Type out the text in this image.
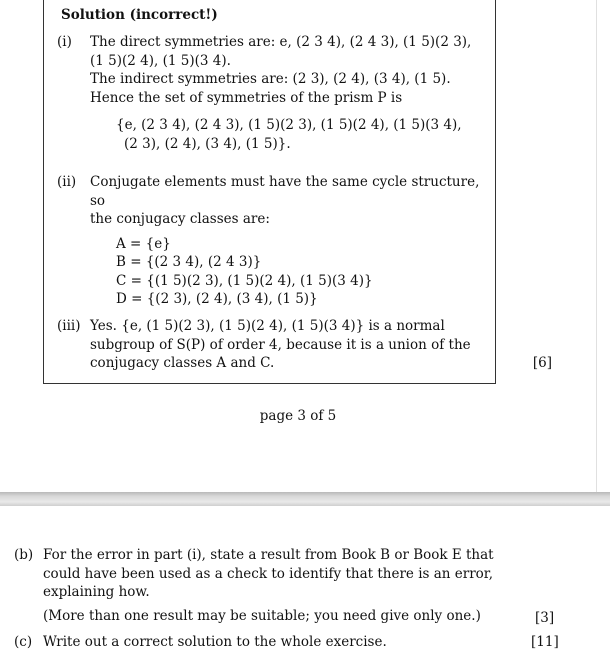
Solution (incorrect!)
(i) The direct symmetries are: e, (2 3 4), (2 4 3), (1 5)(2 3),
(1 5)(2 4), (1 5)(3 4).
The indirect symmetries are: (2 3), (2 4), (3 4), (1 5).
Hence the set of symmetries of the prism P is
{e, (2 3 4), (2 4 3), (1 5)(2 3), (1 5)(2 4), (1 5)(3 4),
(2 3), (2 4), (3 4), (1 5)}.
(ii) Conjugate elements must have the same cycle structure, so
the conjugacy classes are:
A = {e}
B = {(2 3 4), (2 4 3)}
C = {(1 5)(2 3), (1 5)(2 4), (1 5)(3 4)}
D = {(2 3), (2 4), (3 4), (1 5)}
(iii) Yes. {e, (1 5)(2 3), (1 5)(2 4), (1 5)(3 4)} is a normal
subgroup of S(P) of order 4, because it is a union of the
conjugacy classes A and C.	[6]
page 3 of 5
(b) For the error in part (i), state a result from Book B or Book E that
could have been used as a check to identify that there is an error,
explaining how.
(More than one result may be suitable; you need give only one.)	[3]
(c) Write out a correct solution to the whole exercise.	[11]
